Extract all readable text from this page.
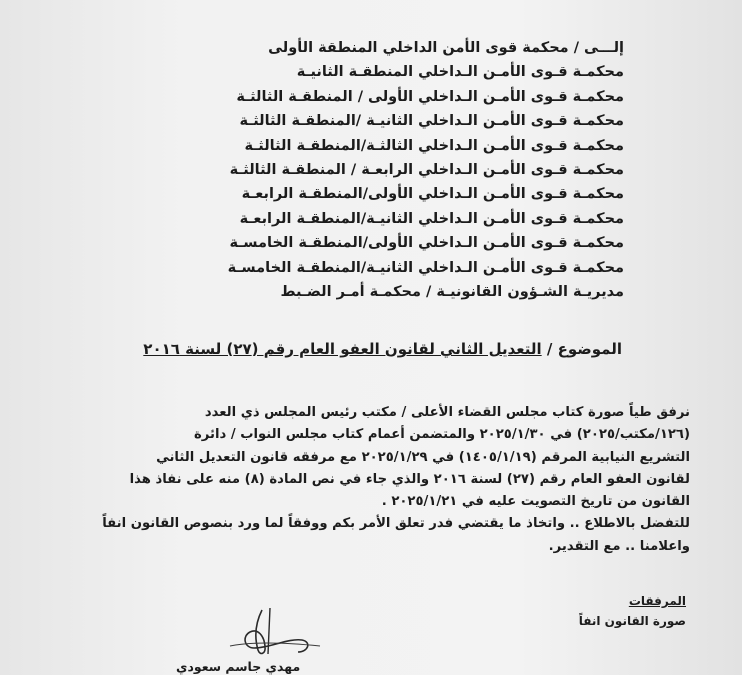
إلـــى / محكمة قوى الأمن الداخلي المنطقة الأولى
محكمـة قـوى الأمـن الـداخلي المنطقـة الثانيـة
محكمـة قـوى الأمـن الـداخلي الأولى / المنطقـة الثالثـة
محكمـة قـوى الأمـن الـداخلي الثانيـة /المنطقـة الثالثـة
محكمـة قـوى الأمـن الـداخلي الثالثـة/المنطقـة الثالثـة
محكمـة قـوى الأمـن الـداخلي الرابعـة / المنطقـة الثالثـة
محكمـة قـوى الأمـن الـداخلي الأولى/المنطقـة الرابعـة
محكمـة قـوى الأمـن الـداخلي الثانيـة/المنطقـة الرابعـة
محكمـة قـوى الأمـن الـداخلي الأولى/المنطقـة الخامسـة
محكمـة قـوى الأمـن الـداخلي الثانيـة/المنطقـة الخامسـة
مديريـة الشـؤون القانونيـة / محكمـة أمـر الضـبط
الموضوع / التعديل الثاني لقانون العفو العام رقم (٢٧) لسنة ٢٠١٦
نرفق طياً صورة كتاب مجلس القضاء الأعلى / مكتب رئيس المجلس ذي العدد
(١٢٦/مكتب/٢٠٢٥) في ٢٠٢٥/١/٣٠ والمتضمن أعمام كتاب مجلس النواب / دائرة
التشريع النيابية المرقم (١٤٠٥/١/١٩) في ٢٠٢٥/١/٢٩ مع مرفقه قانون التعديل الثاني
لقانون العفو العام رقم (٢٧) لسنة ٢٠١٦ والذي جاء في نص المادة (٨) منه على نفاذ هذا
القانون من تاريخ التصويت عليه في ٢٠٢٥/١/٢١ .
للتفضل بالاطلاع .. واتخاذ ما يقتضي فدر تعلق الأمر بكم ووفقاً لما ورد بنصوص القانون انفاً
واعلامنا .. مع التقدير.
المرفقات
صورة القانون انفاً
مهدي جاسم سعودي
